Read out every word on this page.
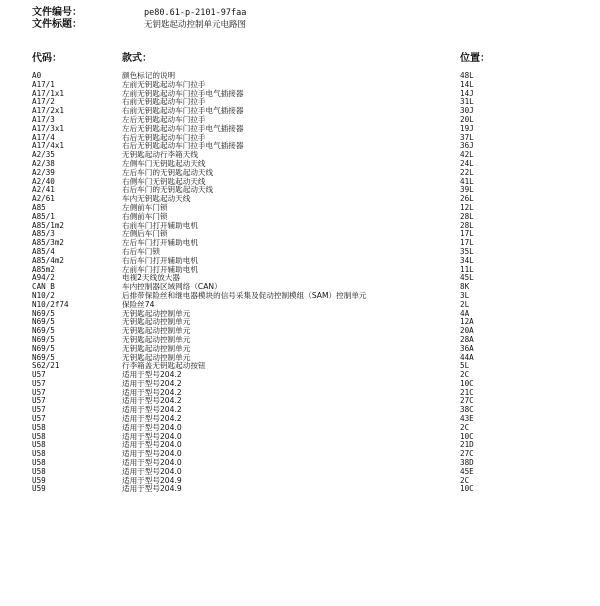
文件编号：	pe80.61-p-2101-97faa
文件标题：	无钥匙起动控制单元电路图
代码：	款式：	位置：
A0	颜色标记的说明	48L
A17/1	左前无钥匙起动车门拉手	14L
A17/1x1	左前无钥匙起动车门拉手电气插接器	14J
A17/2	右前无钥匙起动车门拉手	31L
A17/2x1	右前无钥匙起动车门拉手电气插接器	30J
A17/3	左后无钥匙起动车门拉手	20L
A17/3x1	左后无钥匙起动车门拉手电气插接器	19J
A17/4	右后无钥匙起动车门拉手	37L
A17/4x1	右后无钥匙起动车门拉手电气插接器	36J
A2/35	无钥匙起动行李箱天线	42L
A2/38	左侧车门无钥匙起动天线	24L
A2/39	左后车门的无钥匙起动天线	22L
A2/40	右侧车门无钥匙起动天线	41L
A2/41	右后车门的无钥匙起动天线	39L
A2/61	车内无钥匙起动天线	26L
A85	左侧前车门锁	12L
A85/1	右侧前车门锁	28L
A85/1m2	右前车门打开辅助电机	28L
A85/3	左侧后车门锁	17L
A85/3m2	左后车门打开辅助电机	17L
A85/4	右后车门锁	35L
A85/4m2	右后车门打开辅助电机	34L
A85m2	左前车门打开辅助电机	11L
A94/2	电视2天线放大器	45L
CAN B	车内控制器区域网络（CAN）	8K
N10/2	后排带保险丝和继电器模块的信号采集及促动控制模组（SAM）控制单元	3L
N10/2f74	保险丝74	2L
N69/5	无钥匙起动控制单元	4A
N69/5	无钥匙起动控制单元	12A
N69/5	无钥匙起动控制单元	20A
N69/5	无钥匙起动控制单元	28A
N69/5	无钥匙起动控制单元	36A
N69/5	无钥匙起动控制单元	44A
S62/21	行李箱盖无钥匙起动按钮	5L
U57	适用于型号204.2	2C
U57	适用于型号204.2	10C
U57	适用于型号204.2	21C
U57	适用于型号204.2	27C
U57	适用于型号204.2	38C
U57	适用于型号204.2	43E
U58	适用于型号204.0	2C
U58	适用于型号204.0	10C
U58	适用于型号204.0	21D
U58	适用于型号204.0	27C
U58	适用于型号204.0	38D
U58	适用于型号204.0	45E
U59	适用于型号204.9	2C
U59	适用于型号204.9	10C
